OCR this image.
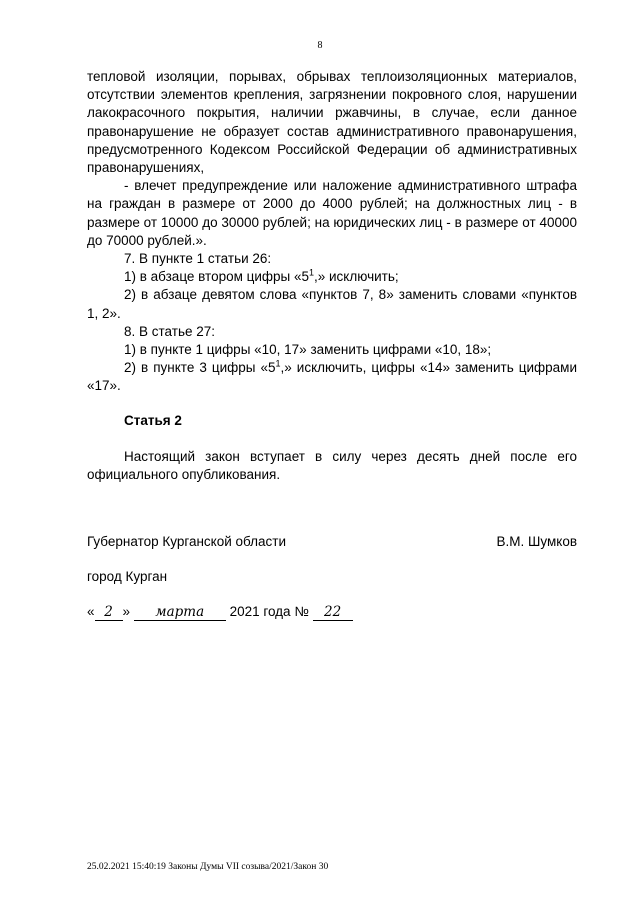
8

тепловой изоляции, порывах, обрывах теплоизоляционных материалов, отсутствии элементов крепления, загрязнении покровного слоя, нарушении лакокрасочного покрытия, наличии ржавчины, в случае, если данное правонарушение не образует состав административного правонарушения, предусмотренного Кодексом Российской Федерации об административных правонарушениях,

- влечет предупреждение или наложение административного штрафа на граждан в размере от 2000 до 4000 рублей; на должностных лиц - в размере от 10000 до 30000 рублей; на юридических лиц - в размере от 40000 до 70000 рублей.».

7. В пункте 1 статьи 26:

1) в абзаце втором цифры «$5^1$,» исключить;

2) в абзаце девятом слова «пунктов 7, 8» заменить словами «пунктов 1, 2».

8. В статье 27:

1) в пункте 1 цифры «10, 17» заменить цифрами «10, 18»;

2) в пункте 3 цифры «$5^1$,» исключить, цифры «14» заменить цифрами «17».

Статья 2

Настоящий закон вступает в силу через десять дней после его официального опубликования.

Губернатор Курганской области	В.М. Шумков
город Курган
« 2 » марта 2021 года № 22
25.02.2021 15:40:19 Законы Думы VII созыва/2021/Закон 30
